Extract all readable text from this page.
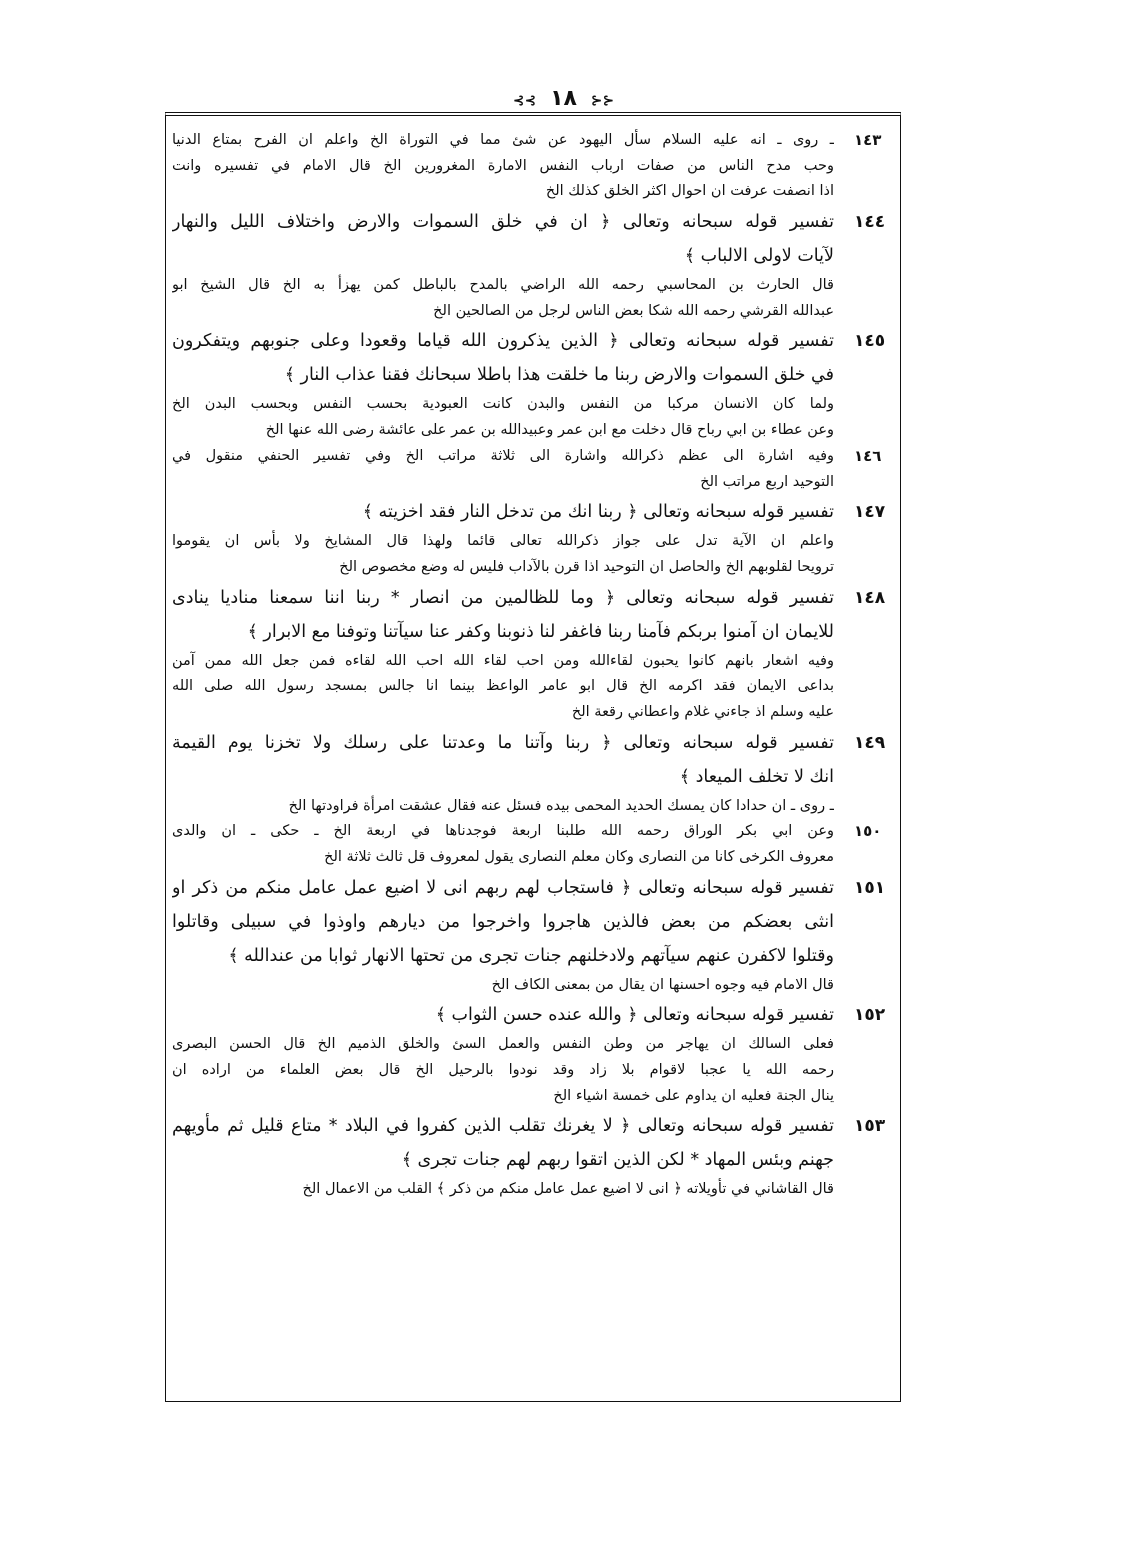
⊰⊰ ١٨ ⊱⊱
١٤٣
ـ روى ـ انه عليه السلام سأل اليهود عن شئ مما في التوراة الخ واعلم ان الفرح بمتاع الدنيا
وحب مدح الناس من صفات ارباب النفس الامارة المغرورين الخ قال الامام في تفسيره وانت
اذا انصفت عرفت ان احوال اكثر الخلق كذلك الخ
١٤٤
تفسير قوله سبحانه وتعالى ﴿ ان في خلق السموات والارض واختلاف الليل والنهار
لآيات لاولى الالباب ﴾
قال الحارث بن المحاسبي رحمه الله الراضي بالمدح بالباطل كمن يهزأ به الخ قال الشيخ ابو
عبدالله القرشي رحمه الله شكا بعض الناس لرجل من الصالحين الخ
١٤٥
تفسير قوله سبحانه وتعالى ﴿ الذين يذكرون الله قياما وقعودا وعلى جنوبهم ويتفكرون
في خلق السموات والارض ربنا ما خلقت هذا باطلا سبحانك فقنا عذاب النار ﴾
ولما كان الانسان مركبا من النفس والبدن كانت العبودية بحسب النفس وبحسب البدن الخ
وعن عطاء بن ابي رباح قال دخلت مع ابن عمر وعبيدالله بن عمر على عائشة رضى الله عنها الخ
١٤٦
وفيه اشارة الى عظم ذكرالله واشارة الى ثلاثة مراتب الخ وفي تفسير الحنفي منقول في
التوحيد اربع مراتب الخ
١٤٧
تفسير قوله سبحانه وتعالى ﴿ ربنا انك من تدخل النار فقد اخزيته ﴾
واعلم ان الآية تدل على جواز ذكرالله تعالى قائما ولهذا قال المشايخ ولا بأس ان يقوموا
ترويحا لقلوبهم الخ والحاصل ان التوحيد اذا قرن بالآداب فليس له وضع مخصوص الخ
١٤٨
تفسير قوله سبحانه وتعالى ﴿ وما للظالمين من انصار * ربنا اننا سمعنا مناديا ينادى
للايمان ان آمنوا بربكم فآمنا ربنا فاغفر لنا ذنوبنا وكفر عنا سيآتنا وتوفنا مع الابرار ﴾
وفيه اشعار بانهم كانوا يحبون لقاءالله ومن احب لقاء الله احب الله لقاءه فمن جعل الله ممن آمن
بداعى الايمان فقد اكرمه الخ قال ابو عامر الواعظ بينما انا جالس بمسجد رسول الله صلى الله
عليه وسلم اذ جاءني غلام واعطاني رقعة الخ
١٤٩
تفسير قوله سبحانه وتعالى ﴿ ربنا وآتنا ما وعدتنا على رسلك ولا تخزنا يوم القيمة
انك لا تخلف الميعاد ﴾
ـ روى ـ ان حدادا كان يمسك الحديد المحمى بيده فسئل عنه فقال عشقت امرأة فراودتها الخ
١٥٠
وعن ابي بكر الوراق رحمه الله طلبنا اربعة فوجدناها في اربعة الخ ـ حكى ـ ان والدى
معروف الكرخى كانا من النصارى وكان معلم النصارى يقول لمعروف قل ثالث ثلاثة الخ
١٥١
تفسير قوله سبحانه وتعالى ﴿ فاستجاب لهم ربهم انى لا اضيع عمل عامل منكم من ذكر او
انثى بعضكم من بعض فالذين هاجروا واخرجوا من ديارهم واوذوا في سبيلى وقاتلوا
وقتلوا لاكفرن عنهم سيآتهم ولادخلنهم جنات تجرى من تحتها الانهار ثوابا من عندالله ﴾
قال الامام فيه وجوه احسنها ان يقال من بمعنى الكاف الخ
١٥٢
تفسير قوله سبحانه وتعالى ﴿ والله عنده حسن الثواب ﴾
فعلى السالك ان يهاجر من وطن النفس والعمل السئ والخلق الذميم الخ قال الحسن البصرى
رحمه الله يا عجبا لاقوام بلا زاد وقد نودوا بالرحيل الخ قال بعض العلماء من اراده ان
ينال الجنة فعليه ان يداوم على خمسة اشياء الخ
١٥٣
تفسير قوله سبحانه وتعالى ﴿ لا يغرنك تقلب الذين كفروا في البلاد * متاع قليل ثم مأويهم
جهنم وبئس المهاد * لكن الذين اتقوا ربهم لهم جنات تجرى ﴾
قال القاشاني في تأويلاته ﴿ انى لا اضيع عمل عامل منكم من ذكر ﴾ القلب من الاعمال الخ
